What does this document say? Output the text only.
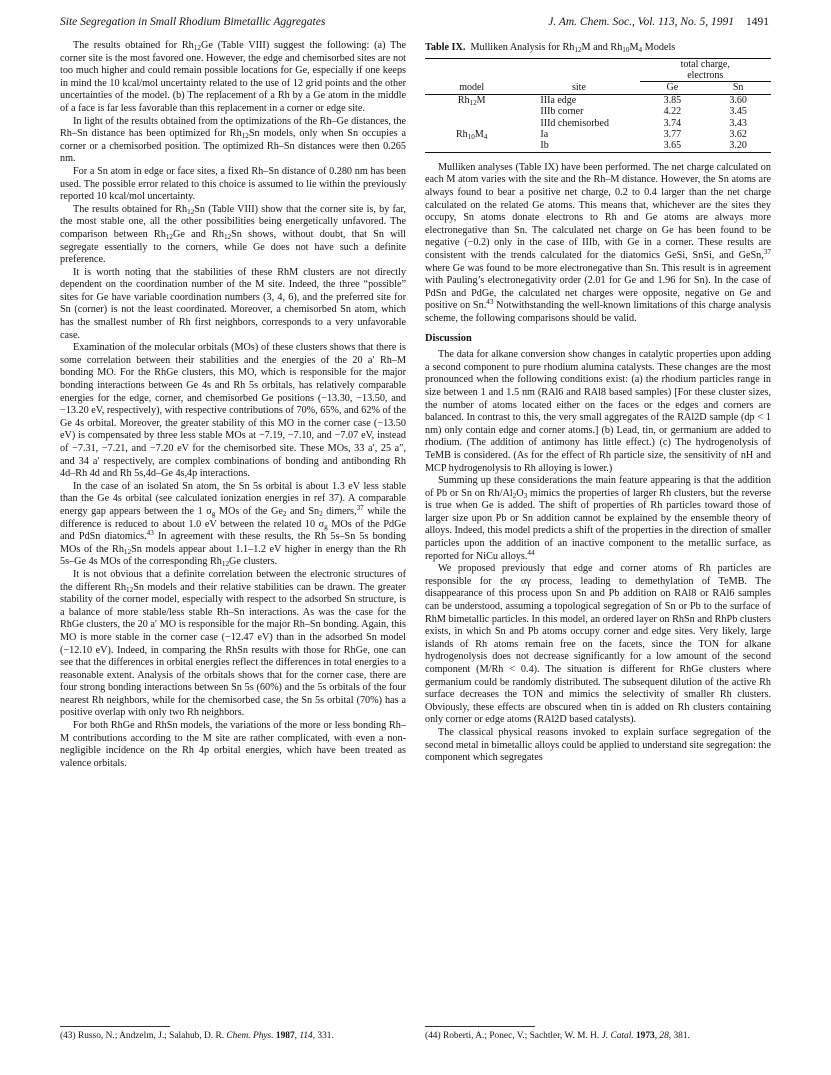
Site Segregation in Small Rhodium Bimetallic Aggregates	J. Am. Chem. Soc., Vol. 113, No. 5, 1991 1491

The results obtained for $Rh_{12}Ge$ (Table VIII) suggest the following: (a) The corner site is the most favored one. However, the edge and chemisorbed sites are not too much higher and could remain possible locations for Ge, especially if one keeps in mind the 10 kcal/mol uncertainty related to the use of 12 grid points and the other uncertainties of the model. (b) The replacement of a Rh by a Ge atom in the middle of a face is far less favorable than this replacement in a corner or edge site.

In light of the results obtained from the optimizations of the Rh–Ge distances, the Rh–Sn distance has been optimized for $Rh_{12}Sn$ models, only when Sn occupies a corner or a chemisorbed position. The optimized Rh–Sn distances were then 0.265 nm.

For a Sn atom in edge or face sites, a fixed Rh–Sn distance of 0.280 nm has been used. The possible error related to this choice is assumed to lie within the previously reported 10 kcal/mol uncertainty.

The results obtained for $Rh_{12}Sn$ (Table VIII) show that the corner site is, by far, the most stable one, all the other possibilities being energetically unfavored. The comparison between $Rh_{12}Ge$ and $Rh_{12}Sn$ shows, without doubt, that Sn will segregate essentially to the corners, while Ge does not have such a definite preference.

It is worth noting that the stabilities of these RhM clusters are not directly dependent on the coordination number of the M site. Indeed, the three “possible” sites for Ge have variable coordination numbers (3, 4, 6), and the preferred site for Sn (corner) is not the least coordinated. Moreover, a chemisorbed Sn atom, which has the smallest number of Rh first neighbors, corresponds to a very unfavorable case.

Examination of the molecular orbitals (MOs) of these clusters shows that there is some correlation between their stabilities and the energies of the 20 a′ Rh–M bonding MO. For the RhGe clusters, this MO, which is responsible for the major bonding interactions between Ge 4s and Rh 5s orbitals, has relatively comparable energies for the edge, corner, and chemisorbed Ge positions (−13.30, −13.50, and −13.20 eV, respectively), with respective contributions of 70%, 65%, and 62% of the Ge 4s orbital. Moreover, the greater stability of this MO in the corner case (−13.50 eV) is compensated by three less stable MOs at −7.19, −7.10, and −7.07 eV, instead of −7.31, −7.21, and −7.20 eV for the chemisorbed site. These MOs, 33 a′, 25 a″, and 34 a′ respectively, are complex combinations of bonding and antibonding Rh 4d–Rh 4d and Rh 5s,4d–Ge 4s,4p interactions.

In the case of an isolated Sn atom, the Sn 5s orbital is about 1.3 eV less stable than the Ge 4s orbital (see calculated ionization energies in ref 37). A comparable energy gap appears between the 1 $\sigma_g$ MOs of the $Ge_2$ and $Sn_2$ dimers,$^{37}$ while the difference is reduced to about 1.0 eV between the related 10 $\sigma_g$ MOs of the PdGe and PdSn diatomics.$^{43}$ In agreement with these results, the Rh 5s–Sn 5s bonding MOs of the $Rh_{12}Sn$ models appear about 1.1–1.2 eV higher in energy than the Rh 5s–Ge 4s MOs of the corresponding $Rh_{12}Ge$ clusters.

It is not obvious that a definite correlation between the electronic structures of the different $Rh_{12}Sn$ models and their relative stabilities can be drawn. The greater stability of the corner model, especially with respect to the adsorbed Sn structure, is a balance of more stable/less stable Rh–Sn interactions. As was the case for the RhGe clusters, the 20 a′ MO is responsible for the major Rh–Sn bonding. Again, this MO is more stable in the corner case (−12.47 eV) than in the adsorbed Sn model (−12.10 eV). Indeed, in comparing the RhSn results with those for RhGe, one can see that the differences in orbital energies reflect the differences in total energies to a reasonable extent. Analysis of the orbitals shows that for the corner case, there are four strong bonding interactions between Sn 5s (60%) and the 5s orbitals of the four nearest Rh neighbors, while for the chemisorbed case, the Sn 5s orbital (70%) has a positive overlap with only two Rh neighbors.

For both RhGe and RhSn models, the variations of the more or less bonding Rh–M contributions according to the M site are rather complicated, with even a non-negligible incidence on the Rh 4p orbital energies, which have been treated as valence orbitals.

Table IX. Mulliken Analysis for $Rh_{12}M$ and $Rh_{10}M_4$ Models
		total charge, electrons	
model	site	Ge	Sn
$Rh_{12}M$	IIIa edge	3.85	3.60
	IIIb corner	4.22	3.45
	IIId chemisorbed	3.74	3.43
$Rh_{10}M_4$	Ia	3.77	3.62
	Ib	3.65	3.20

Mulliken analyses (Table IX) have been performed. The net charge calculated on each M atom varies with the site and the Rh–M distance. However, the Sn atoms are always found to bear a positive net charge, 0.2 to 0.4 larger than the net charge calculated on the related Ge atoms. This means that, whichever are the sites they occupy, Sn atoms donate electrons to Rh and Ge atoms are always more electronegative than Sn. The calculated net charge on Ge has been found to be negative (−0.2) only in the case of IIIb, with Ge in a corner. These results are consistent with the trends calculated for the diatomics GeSi, SnSi, and GeSn,$^{37}$ where Ge was found to be more electronegative than Sn. This result is in agreement with Pauling’s electronegativity order (2.01 for Ge and 1.96 for Sn). In the case of PdSn and PdGe, the calculated net charges were opposite, negative on Ge and positive on Sn.$^{43}$ Notwithstanding the well-known limitations of this charge analysis scheme, the following comparisons should be valid.

Discussion

The data for alkane conversion show changes in catalytic properties upon adding a second component to pure rhodium alumina catalysts. These changes are the most pronounced when the following conditions exist: (a) the rhodium particles range in size between 1 and 1.5 nm (RAl6 and RAl8 based samples) [For these cluster sizes, the number of atoms located either on the faces or the edges and corners are balanced. In contrast to this, the very small aggregates of the RAl2D sample (dp < 1 nm) only contain edge and corner atoms.] (b) Lead, tin, or germanium are added to rhodium. (The addition of antimony has little effect.) (c) The hydrogenolysis of TeMB is considered. (As for the effect of Rh particle size, the sensitivity of nH and MCP hydrogenolysis to Rh alloying is lower.)

Summing up these considerations the main feature appearing is that the addition of Pb or Sn on $Rh/Al_2O_3$ mimics the properties of larger Rh clusters, but the reverse is true when Ge is added. The shift of properties of Rh particles toward those of larger size upon Pb or Sn addition cannot be explained by the ensemble theory of alloys. Indeed, this model predicts a shift of the properties in the direction of smaller particles upon the addition of an inactive component to the metallic surface, as reported for NiCu alloys.$^{44}$

We proposed previously that edge and corner atoms of Rh particles are responsible for the αγ process, leading to demethylation of TeMB. The disappearance of this process upon Sn and Pb addition on RAl8 or RAl6 samples can be understood, assuming a topological segregation of Sn or Pb to the surface of RhM bimetallic particles. In this model, an ordered layer on RhSn and RhPb clusters exists, in which Sn and Pb atoms occupy corner and edge sites. Very likely, large islands of Rh atoms remain free on the facets, since the TON for alkane hydrogenolysis does not decrease significantly for a low amount of the second component (M/Rh < 0.4). The situation is different for RhGe clusters where germanium could be randomly distributed. The subsequent dilution of the active Rh surface decreases the TON and mimics the selectivity of smaller Rh clusters. Obviously, these effects are obscured when tin is added on Rh clusters containing only corner or edge atoms (RAl2D based catalysts).

The classical physical reasons invoked to explain surface segregation of the second metal in bimetallic alloys could be applied to understand site segregation: the component which segregates

(43) Russo, N.; Andzelm, J.; Salahub, D. R. Chem. Phys. 1987, 114, 331.	(44) Roberti, A.; Ponec, V.; Sachtler, W. M. H. J. Catal. 1973, 28, 381.
